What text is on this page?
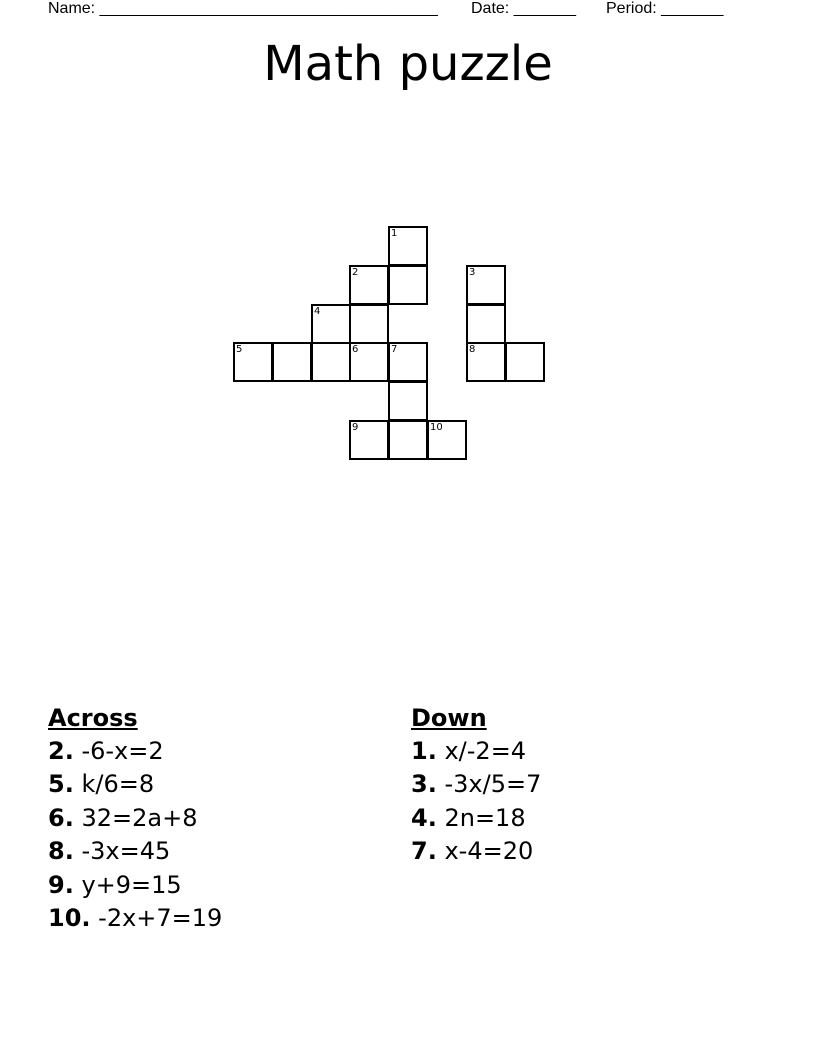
Name: ______________________________________ Date: _______ Period: _______
Math puzzle
1
2	3
4
5	6	7	8
9	10
Across
2. -6-x=2
5. k/6=8
6. 32=2a+8
8. -3x=45
9. y+9=15
10. -2x+7=19
Down
1. x/-2=4
3. -3x/5=7
4. 2n=18
7. x-4=20
